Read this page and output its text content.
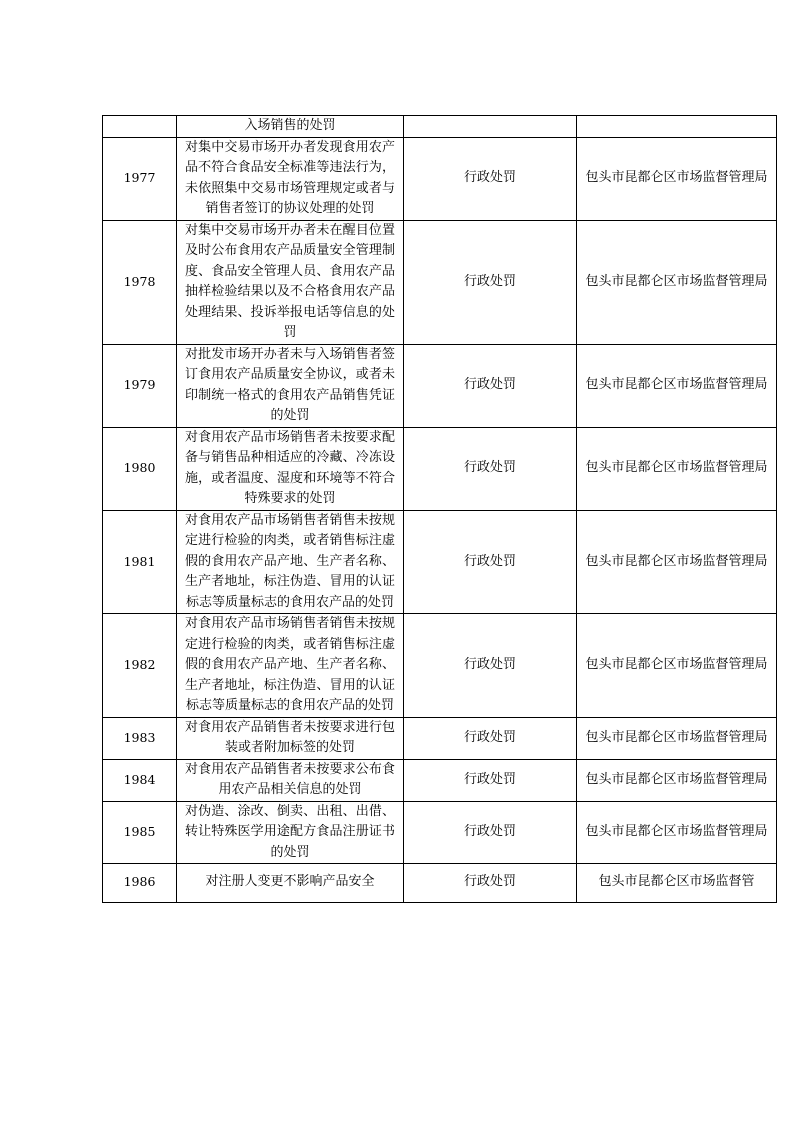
	入场销售的处罚		
1977	对集中交易市场开办者发现食用农产品不符合食品安全标准等违法行为，未依照集中交易市场管理规定或者与销售者签订的协议处理的处罚	行政处罚	包头市昆都仑区市场监督管理局
1978	对集中交易市场开办者未在醒目位置及时公布食用农产品质量安全管理制度、食品安全管理人员、食用农产品抽样检验结果以及不合格食用农产品处理结果、投诉举报电话等信息的处罚	行政处罚	包头市昆都仑区市场监督管理局
1979	对批发市场开办者未与入场销售者签订食用农产品质量安全协议，或者未印制统一格式的食用农产品销售凭证的处罚	行政处罚	包头市昆都仑区市场监督管理局
1980	对食用农产品市场销售者未按要求配备与销售品种相适应的冷藏、冷冻设施，或者温度、湿度和环境等不符合特殊要求的处罚	行政处罚	包头市昆都仑区市场监督管理局
1981	对食用农产品市场销售者销售未按规定进行检验的肉类，或者销售标注虚假的食用农产品产地、生产者名称、生产者地址，标注伪造、冒用的认证标志等质量标志的食用农产品的处罚	行政处罚	包头市昆都仑区市场监督管理局
1982	对食用农产品市场销售者销售未按规定进行检验的肉类，或者销售标注虚假的食用农产品产地、生产者名称、生产者地址，标注伪造、冒用的认证标志等质量标志的食用农产品的处罚	行政处罚	包头市昆都仑区市场监督管理局
1983	对食用农产品销售者未按要求进行包装或者附加标签的处罚	行政处罚	包头市昆都仑区市场监督管理局
1984	对食用农产品销售者未按要求公布食用农产品相关信息的处罚	行政处罚	包头市昆都仑区市场监督管理局
1985	对伪造、涂改、倒卖、出租、出借、转让特殊医学用途配方食品注册证书的处罚	行政处罚	包头市昆都仑区市场监督管理局
1986	对注册人变更不影响产品安全	行政处罚	包头市昆都仑区市场监督管
